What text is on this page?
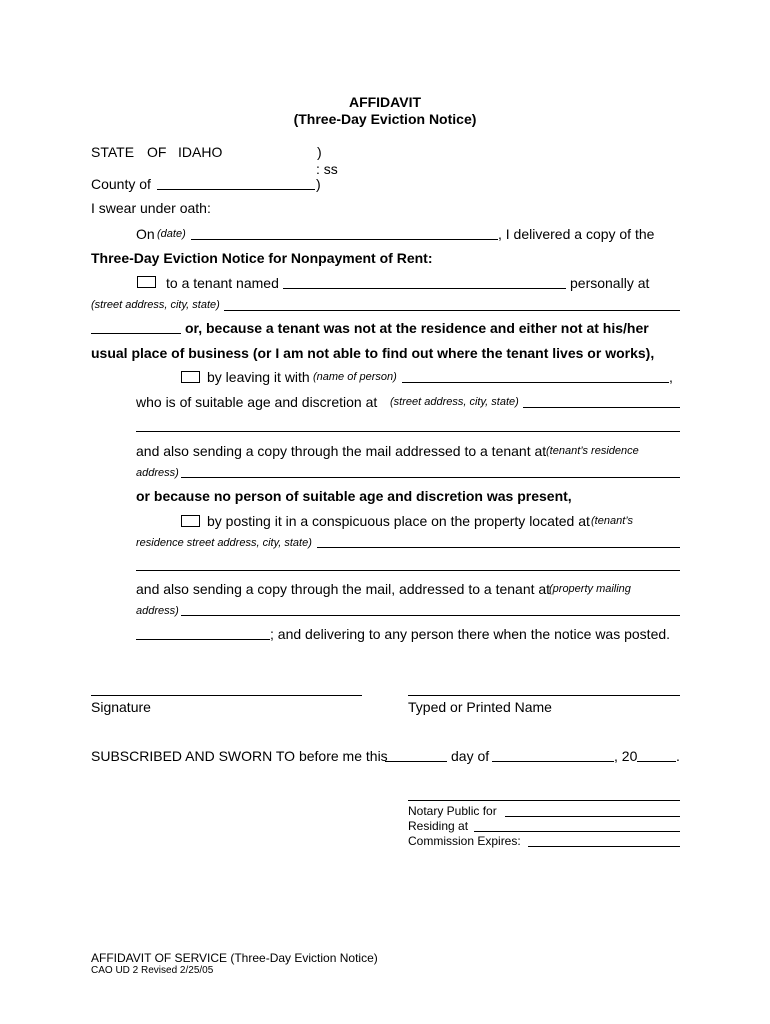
AFFIDAVIT
(Three-Day Eviction Notice)
STATE OF IDAHO	)
: ss
County of	)
I swear under oath:
On (date)	, I delivered a copy of the
Three-Day Eviction Notice for Nonpayment of Rent:
to a tenant named	personally at
(street address, city, state)
or, because a tenant was not at the residence and either not at his/her
usual place of business (or I am not able to find out where the tenant lives or works),
by leaving it with (name of person)	,
who is of suitable age and discretion at (street address, city, state)
and also sending a copy through the mail addressed to a tenant at (tenant’s residence
address)
or because no person of suitable age and discretion was present,
by posting it in a conspicuous place on the property located at (tenant’s
residence street address, city, state)
and also sending a copy through the mail, addressed to a tenant at
(property mailing
address)
; and delivering to any person there when the notice was posted.
Signature	Typed or Printed Name
SUBSCRIBED AND SWORN TO before me this	day of	, 20	.
Notary Public for
Residing at
Commission Expires:
AFFIDAVIT OF SERVICE (Three-Day Eviction Notice)
CAO UD 2 Revised 2/25/05
